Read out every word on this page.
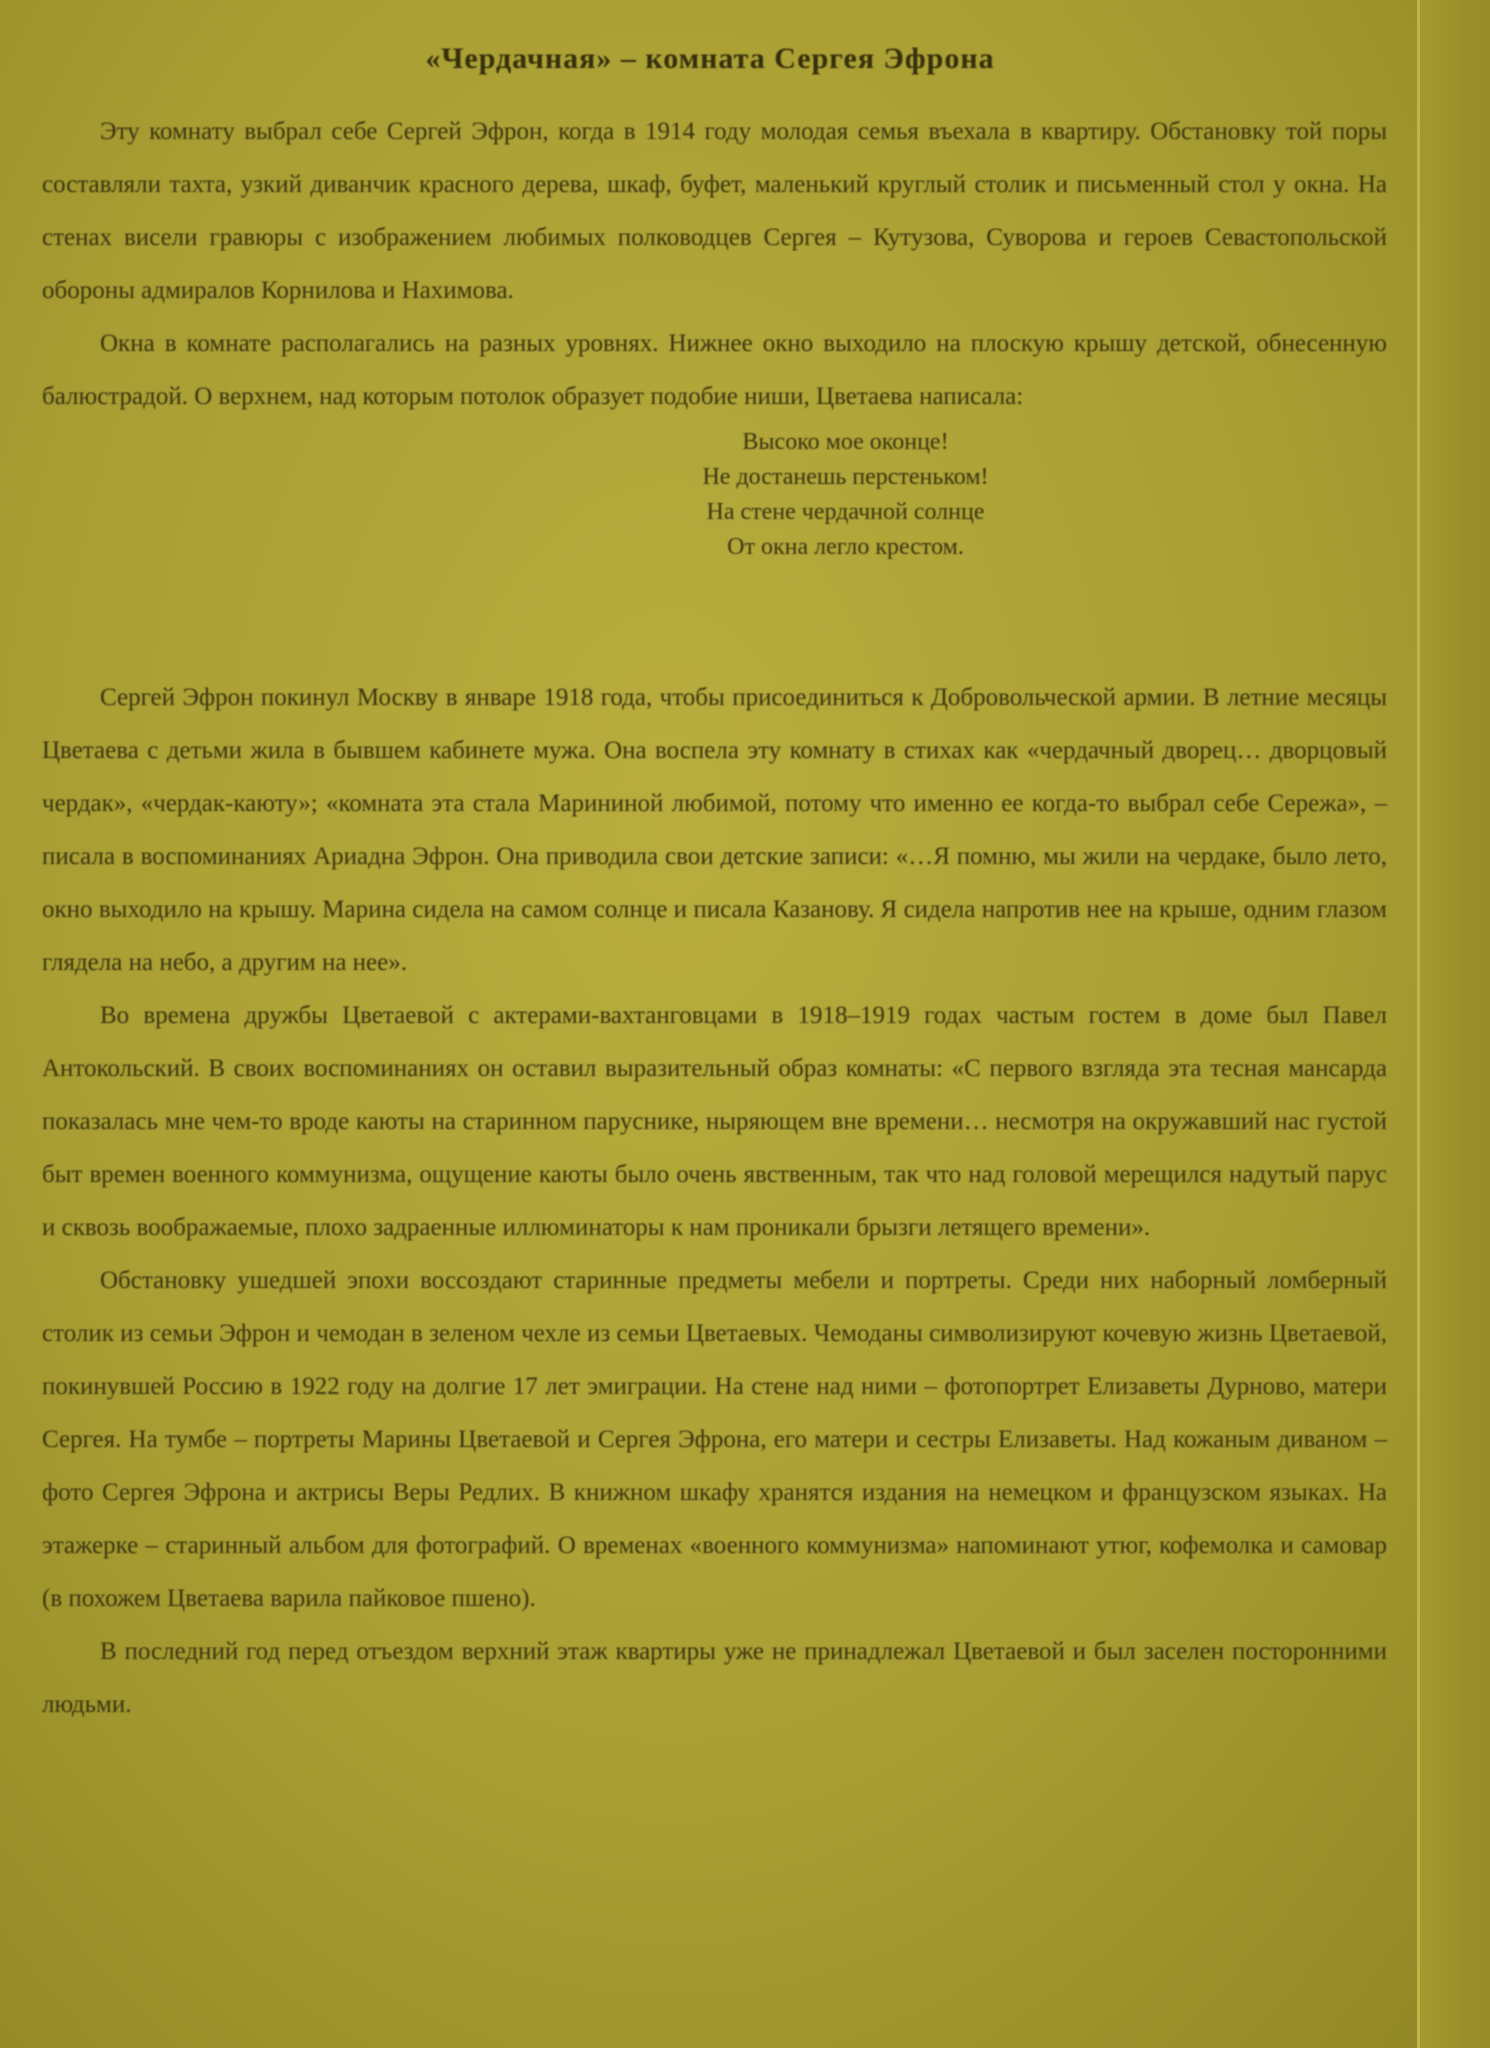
«Чердачная» – комната Сергея Эфрона

Эту комнату выбрал себе Сергей Эфрон, когда в 1914 году молодая семья въехала в квартиру. Обстановку той поры составляли тахта, узкий диванчик красного дерева, шкаф, буфет, маленький круглый столик и письменный стол у окна. На стенах висели гравюры с изображением любимых полководцев Сергея – Кутузова, Суворова и героев Севастопольской обороны адмиралов Корнилова и Нахимова.

Окна в комнате располагались на разных уровнях. Нижнее окно выходило на плоскую крышу детской, обнесенную балюстрадой. О верхнем, над которым потолок образует подобие ниши, Цветаева написала:

Высоко мое оконце!
Не достанешь перстеньком!
На стене чердачной солнце
От окна легло крестом.

Сергей Эфрон покинул Москву в январе 1918 года, чтобы присоединиться к Добровольческой армии. В летние месяцы Цветаева с детьми жила в бывшем кабинете мужа. Она воспела эту комнату в стихах как «чердачный дворец… дворцовый чердак», «чердак-каюту»; «комната эта стала Марининой любимой, потому что именно ее когда-то выбрал себе Сережа», – писала в воспоминаниях Ариадна Эфрон. Она приводила свои детские записи: «…Я помню, мы жили на чердаке, было лето, окно выходило на крышу. Марина сидела на самом солнце и писала Казанову. Я сидела напротив нее на крыше, одним глазом глядела на небо, а другим на нее».

Во времена дружбы Цветаевой с актерами-вахтанговцами в 1918–1919 годах частым гостем в доме был Павел Антокольский. В своих воспоминаниях он оставил выразительный образ комнаты: «С первого взгляда эта тесная мансарда показалась мне чем-то вроде каюты на старинном паруснике, ныряющем вне времени… несмотря на окружавший нас густой быт времен военного коммунизма, ощущение каюты было очень явственным, так что над головой мерещился надутый парус и сквозь воображаемые, плохо задраенные иллюминаторы к нам проникали брызги летящего времени».

Обстановку ушедшей эпохи воссоздают старинные предметы мебели и портреты. Среди них наборный ломберный столик из семьи Эфрон и чемодан в зеленом чехле из семьи Цветаевых. Чемоданы символизируют кочевую жизнь Цветаевой, покинувшей Россию в 1922 году на долгие 17 лет эмиграции. На стене над ними – фотопортрет Елизаветы Дурново, матери Сергея. На тумбе – портреты Марины Цветаевой и Сергея Эфрона, его матери и сестры Елизаветы. Над кожаным диваном – фото Сергея Эфрона и актрисы Веры Редлих. В книжном шкафу хранятся издания на немецком и французском языках. На этажерке – старинный альбом для фотографий. О временах «военного коммунизма» напоминают утюг, кофемолка и самовар (в похожем Цветаева варила пайковое пшено).

В последний год перед отъездом верхний этаж квартиры уже не принадлежал Цветаевой и был заселен посторонними людьми.
